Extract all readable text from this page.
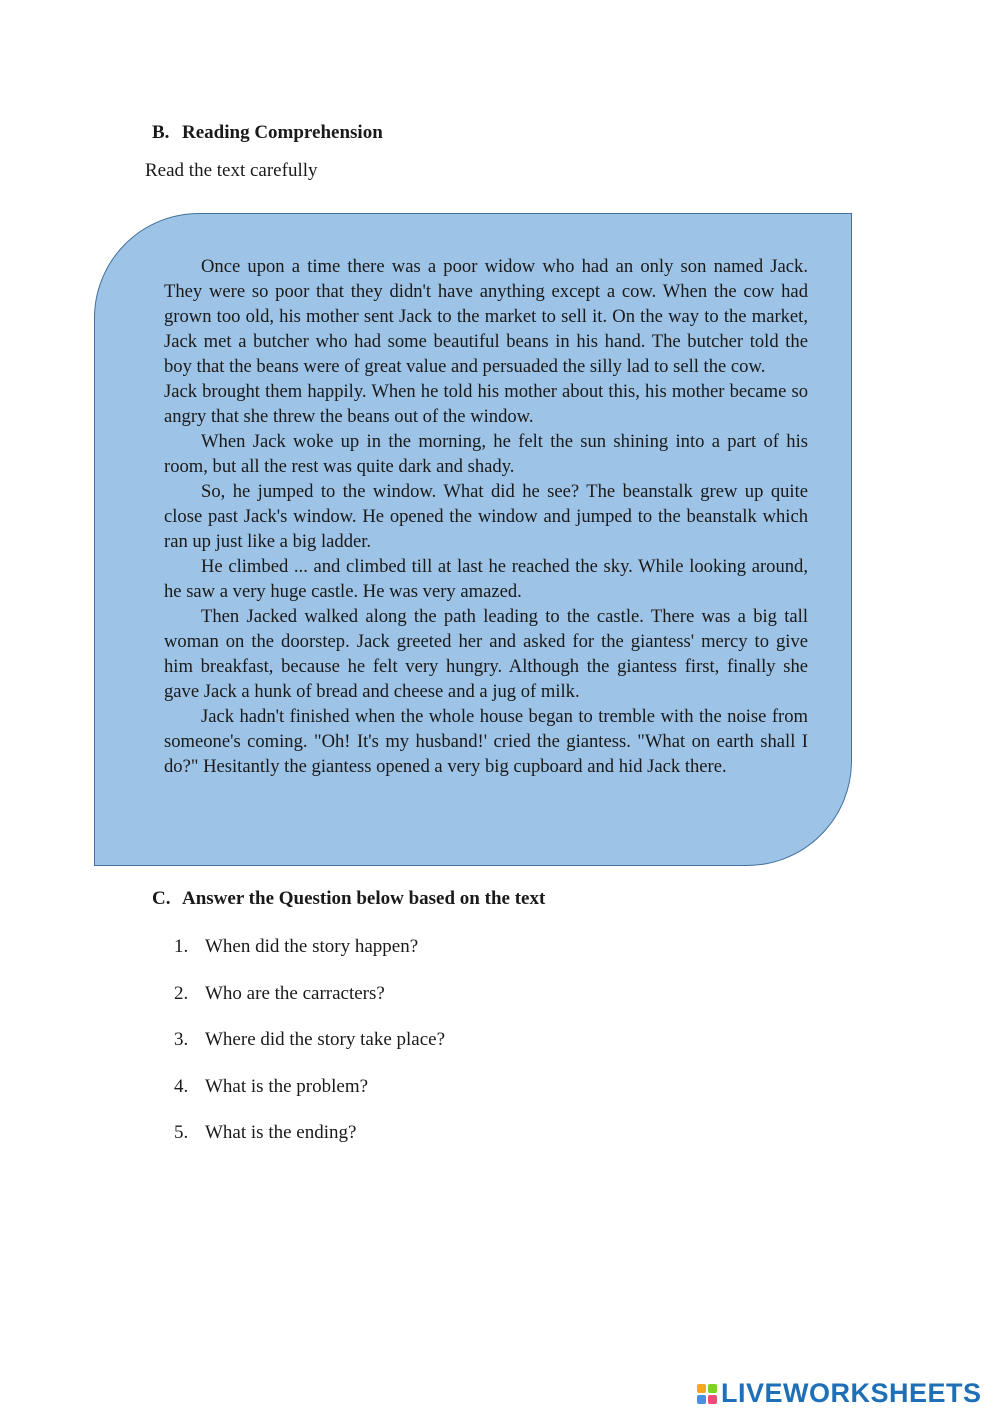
B. Reading Comprehension
Read the text carefully

Once upon a time there was a poor widow who had an only son named Jack. They were so poor that they didn't have anything except a cow. When the cow had grown too old, his mother sent Jack to the market to sell it. On the way to the market, Jack met a butcher who had some beautiful beans in his hand. The butcher told the boy that the beans were of great value and persuaded the silly lad to sell the cow.

Jack brought them happily. When he told his mother about this, his mother became so angry that she threw the beans out of the window.

When Jack woke up in the morning, he felt the sun shining into a part of his room, but all the rest was quite dark and shady.

So, he jumped to the window. What did he see? The beanstalk grew up quite close past Jack's window. He opened the window and jumped to the beanstalk which ran up just like a big ladder.

He climbed ... and climbed till at last he reached the sky. While looking around, he saw a very huge castle. He was very amazed.

Then Jacked walked along the path leading to the castle. There was a big tall woman on the doorstep. Jack greeted her and asked for the giantess' mercy to give him breakfast, because he felt very hungry. Although the giantess first, finally she gave Jack a hunk of bread and cheese and a jug of milk.

Jack hadn't finished when the whole house began to tremble with the noise from someone's coming. "Oh! It's my husband!' cried the giantess. "What on earth shall I do?" Hesitantly the giantess opened a very big cupboard and hid Jack there.

C. Answer the Question below based on the text
1. When did the story happen?
2. Who are the carracters?
3. Where did the story take place?
4. What is the problem?
5. What is the ending?
LIVEWORKSHEETS
